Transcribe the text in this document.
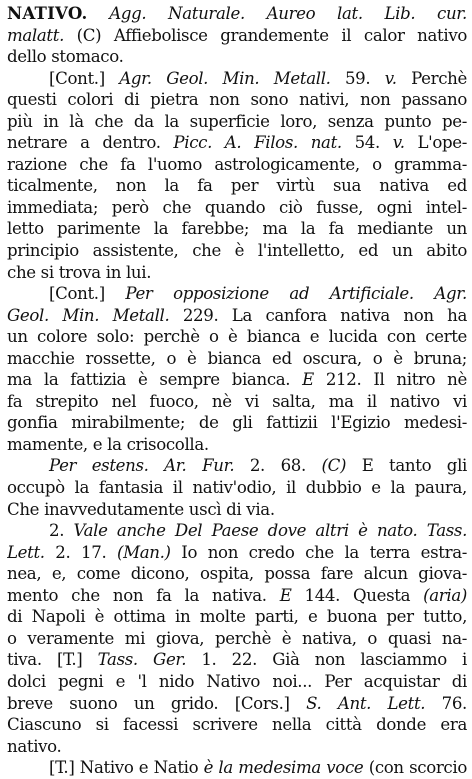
NATIVO. Agg. Naturale. Aureo lat. Lib. cur.
malatt. (C) Affiebolisce grandemente il calor nativo
dello stomaco.
[Cont.] Agr. Geol. Min. Metall. 59. v. Perchè
questi colori di pietra non sono nativi, non passano
più in là che da la superficie loro, senza punto pe-
netrare a dentro. Picc. A. Filos. nat. 54. v. L'ope-
razione che fa l'uomo astrologicamente, o gramma-
ticalmente, non la fa per virtù sua nativa ed
immediata; però che quando ciò fusse, ogni intel-
letto parimente la farebbe; ma la fa mediante un
principio assistente, che è l'intelletto, ed un abito
che si trova in lui.
[Cont.] Per opposizione ad Artificiale. Agr.
Geol. Min. Metall. 229. La canfora nativa non ha
un colore solo: perchè o è bianca e lucida con certe
macchie rossette, o è bianca ed oscura, o è bruna;
ma la fattizia è sempre bianca. E 212. Il nitro nè
fa strepito nel fuoco, nè vi salta, ma il nativo vi
gonfia mirabilmente; de gli fattizii l'Egizio medesi-
mamente, e la crisocolla.
Per estens. Ar. Fur. 2. 68. (C) E tanto gli
occupò la fantasia il nativ'odio, il dubbio e la paura,
Che inavvedutamente uscì di via.
2. Vale anche Del Paese dove altri è nato. Tass.
Lett. 2. 17. (Man.) Io non credo che la terra estra-
nea, e, come dicono, ospita, possa fare alcun giova-
mento che non fa la nativa. E 144. Questa (aria)
di Napoli è ottima in molte parti, e buona per tutto,
o veramente mi giova, perchè è nativa, o quasi na-
tiva. [T.] Tass. Ger. 1. 22. Già non lasciammo i
dolci pegni e 'l nido Nativo noi... Per acquistar di
breve suono un grido. [Cors.] S. Ant. Lett. 76.
Ciascuno si facessi scrivere nella città donde era
nativo.
[T.] Nativo e Natio è la medesima voce (con scorcio
